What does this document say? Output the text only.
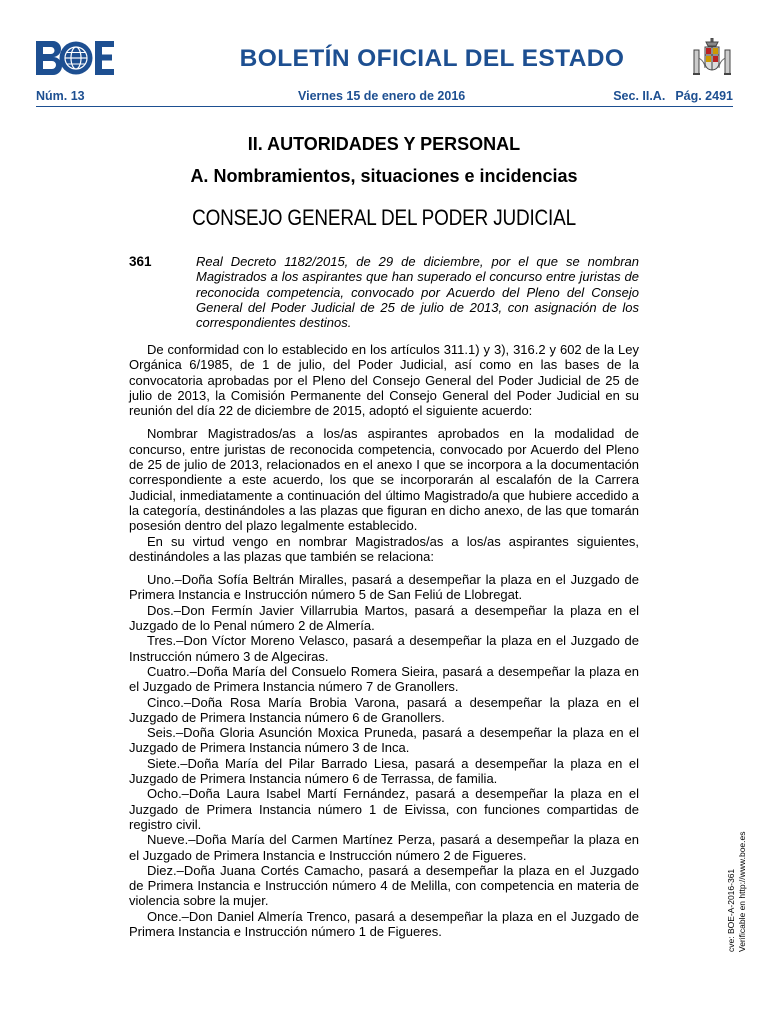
BOLETÍN OFICIAL DEL ESTADO
Núm. 13	Viernes 15 de enero de 2016	Sec. II.A. Pág. 2491
II. AUTORIDADES Y PERSONAL
A. Nombramientos, situaciones e incidencias
CONSEJO GENERAL DEL PODER JUDICIAL
361	Real Decreto 1182/2015, de 29 de diciembre, por el que se nombran Magistrados a los aspirantes que han superado el concurso entre juristas de reconocida competencia, convocado por Acuerdo del Pleno del Consejo General del Poder Judicial de 25 de julio de 2013, con asignación de los correspondientes destinos.

De conformidad con lo establecido en los artículos 311.1) y 3), 316.2 y 602 de la Ley Orgánica 6/1985, de 1 de julio, del Poder Judicial, así como en las bases de la convocatoria aprobadas por el Pleno del Consejo General del Poder Judicial de 25 de julio de 2013, la Comisión Permanente del Consejo General del Poder Judicial en su reunión del día 22 de diciembre de 2015, adoptó el siguiente acuerdo:

Nombrar Magistrados/as a los/as aspirantes aprobados en la modalidad de concurso, entre juristas de reconocida competencia, convocado por Acuerdo del Pleno de 25 de julio de 2013, relacionados en el anexo I que se incorpora a la documentación correspondiente a este acuerdo, los que se incorporarán al escalafón de la Carrera Judicial, inmediatamente a continuación del último Magistrado/a que hubiere accedido a la categoría, destinándoles a las plazas que figuran en dicho anexo, de las que tomarán posesión dentro del plazo legalmente establecido.

En su virtud vengo en nombrar Magistrados/as a los/as aspirantes siguientes, destinándoles a las plazas que también se relaciona:

Uno.–Doña Sofía Beltrán Miralles, pasará a desempeñar la plaza en el Juzgado de Primera Instancia e Instrucción número 5 de San Feliú de Llobregat.

Dos.–Don Fermín Javier Villarrubia Martos, pasará a desempeñar la plaza en el Juzgado de lo Penal número 2 de Almería.

Tres.–Don Víctor Moreno Velasco, pasará a desempeñar la plaza en el Juzgado de Instrucción número 3 de Algeciras.

Cuatro.–Doña María del Consuelo Romera Sieira, pasará a desempeñar la plaza en el Juzgado de Primera Instancia número 7 de Granollers.

Cinco.–Doña Rosa María Brobia Varona, pasará a desempeñar la plaza en el Juzgado de Primera Instancia número 6 de Granollers.

Seis.–Doña Gloria Asunción Moxica Pruneda, pasará a desempeñar la plaza en el Juzgado de Primera Instancia número 3 de Inca.

Siete.–Doña María del Pilar Barrado Liesa, pasará a desempeñar la plaza en el Juzgado de Primera Instancia número 6 de Terrassa, de familia.

Ocho.–Doña Laura Isabel Martí Fernández, pasará a desempeñar la plaza en el Juzgado de Primera Instancia número 1 de Eivissa, con funciones compartidas de registro civil.

Nueve.–Doña María del Carmen Martínez Perza, pasará a desempeñar la plaza en el Juzgado de Primera Instancia e Instrucción número 2 de Figueres.

Diez.–Doña Juana Cortés Camacho, pasará a desempeñar la plaza en el Juzgado de Primera Instancia e Instrucción número 4 de Melilla, con competencia en materia de violencia sobre la mujer.

Once.–Don Daniel Almería Trenco, pasará a desempeñar la plaza en el Juzgado de Primera Instancia e Instrucción número 1 de Figueres.	cve: BOE-A-2016-361 Verificable en http://www.boe.es
